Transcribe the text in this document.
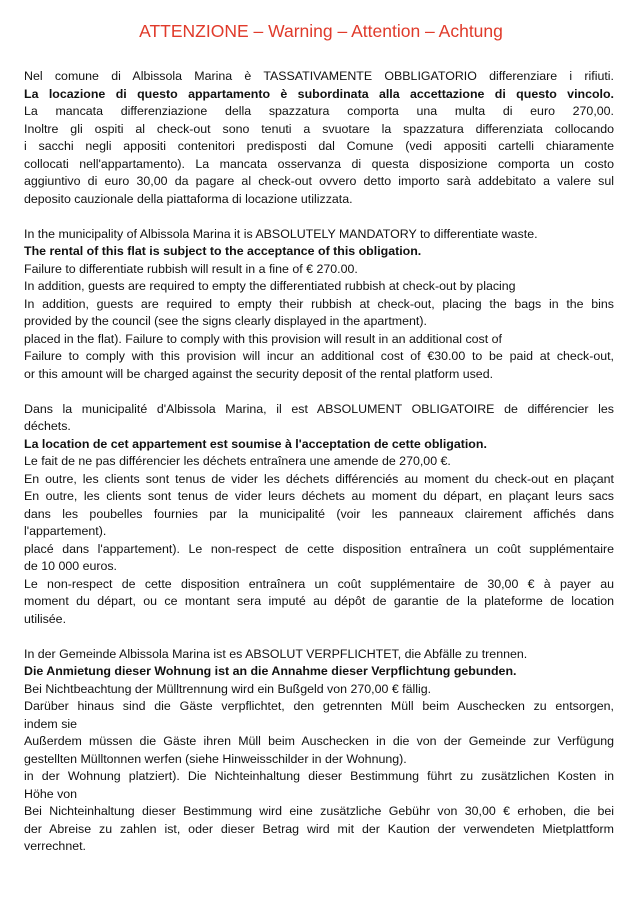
ATTENZIONE – Warning – Attention – Achtung
Nel comune di Albissola Marina è TASSATIVAMENTE OBBLIGATORIO differenziare i rifiuti.
La locazione di questo appartamento è subordinata alla accettazione di questo vincolo.
La mancata differenziazione della spazzatura comporta una multa di euro 270,00.
Inoltre gli ospiti al check-out sono tenuti a svuotare la spazzatura differenziata collocando
i sacchi negli appositi contenitori predisposti dal Comune (vedi appositi cartelli chiaramente
collocati nell'appartamento). La mancata osservanza di questa disposizione comporta un costo
aggiuntivo di euro 30,00 da pagare al check-out ovvero detto importo sarà addebitato a valere sul
deposito cauzionale della piattaforma di locazione utilizzata.
In the municipality of Albissola Marina it is ABSOLUTELY MANDATORY to differentiate waste.
The rental of this flat is subject to the acceptance of this obligation.
Failure to differentiate rubbish will result in a fine of € 270.00.
In addition, guests are required to empty the differentiated rubbish at check-out by placing
In addition, guests are required to empty their rubbish at check-out, placing the bags in the bins
provided by the council (see the signs clearly displayed in the apartment).
placed in the flat). Failure to comply with this provision will result in an additional cost of
Failure to comply with this provision will incur an additional cost of €30.00 to be paid at check-out,
or this amount will be charged against the security deposit of the rental platform used.
Dans la municipalité d'Albissola Marina, il est ABSOLUMENT OBLIGATOIRE de différencier les
déchets.
La location de cet appartement est soumise à l'acceptation de cette obligation.
Le fait de ne pas différencier les déchets entraînera une amende de 270,00 €.
En outre, les clients sont tenus de vider les déchets différenciés au moment du check-out en plaçant
En outre, les clients sont tenus de vider leurs déchets au moment du départ, en plaçant leurs sacs
dans les poubelles fournies par la municipalité (voir les panneaux clairement affichés dans
l'appartement).
placé dans l'appartement). Le non-respect de cette disposition entraînera un coût supplémentaire
de 10 000 euros.
Le non-respect de cette disposition entraînera un coût supplémentaire de 30,00 € à payer au
moment du départ, ou ce montant sera imputé au dépôt de garantie de la plateforme de location
utilisée.
In der Gemeinde Albissola Marina ist es ABSOLUT VERPFLICHTET, die Abfälle zu trennen.
Die Anmietung dieser Wohnung ist an die Annahme dieser Verpflichtung gebunden.
Bei Nichtbeachtung der Mülltrennung wird ein Bußgeld von 270,00 € fällig.
Darüber hinaus sind die Gäste verpflichtet, den getrennten Müll beim Auschecken zu entsorgen,
indem sie
Außerdem müssen die Gäste ihren Müll beim Auschecken in die von der Gemeinde zur Verfügung
gestellten Mülltonnen werfen (siehe Hinweisschilder in der Wohnung).
in der Wohnung platziert). Die Nichteinhaltung dieser Bestimmung führt zu zusätzlichen Kosten in
Höhe von
Bei Nichteinhaltung dieser Bestimmung wird eine zusätzliche Gebühr von 30,00 € erhoben, die bei
der Abreise zu zahlen ist, oder dieser Betrag wird mit der Kaution der verwendeten Mietplattform
verrechnet.
